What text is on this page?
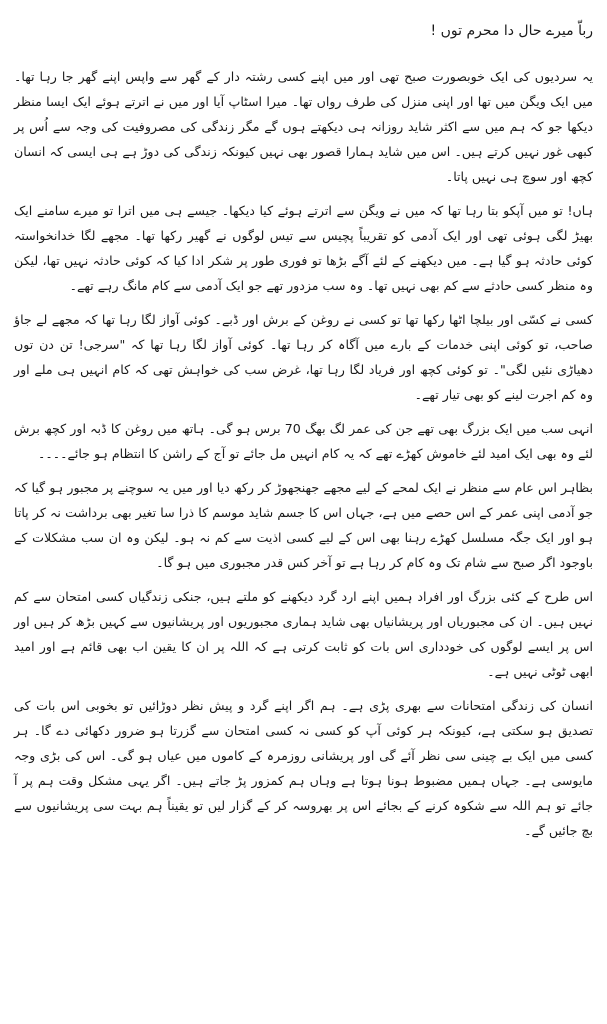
رباّ میرے حال دا محرم توں !

یہ سردیوں کی ایک خوبصورت صبح تھی اور میں اپنے کسی رشتہ دار کے گھر سے واپس اپنے گھر جا رہا تھا۔ میں ایک ویگن میں تھا اور اپنی منزل کی طرف رواں تھا۔ میرا اسٹاپ آیا اور میں نے اترتے ہوئے ایک ایسا منظر دیکھا جو کہ ہم میں سے اکثر شاید روزانہ ہی دیکھتے ہوں گے مگر زندگی کی مصروفیت کی وجہ سے اُس پر کبھی غور نہیں کرتے ہیں۔ اس میں شاید ہمارا قصور بھی نہیں کیونکہ زندگی کی دوڑ ہے ہی ایسی کہ انسان کچھ اور سوچ ہی نہیں پاتا۔

ہاں! تو میں آپکو بتا رہا تھا کہ میں نے ویگن سے اترتے ہوئے کیا دیکھا۔ جیسے ہی میں اترا تو میرے سامنے ایک بھیڑ لگی ہوئی تھی اور ایک آدمی کو تقریباً پچیس سے تیس لوگوں نے گھیر رکھا تھا۔ مجھے لگا خدانخواستہ کوئی حادثہ ہو گیا ہے۔ میں دیکھنے کے لئے آگے بڑھا تو فوری طور پر شکر ادا کیا کہ کوئی حادثہ نہیں تھا، لیکن وہ منظر کسی حادثے سے کم بھی نہیں تھا۔ وہ سب مزدور تھے جو ایک آدمی سے کام مانگ رہے تھے۔

کسی نے کسّی اور بیلچا اٹھا رکھا تھا تو کسی نے روغن کے برش اور ڈبے۔ کوئی آواز لگا رہا تھا کہ مجھے لے جاؤ صاحب، تو کوئی اپنی خدمات کے بارے میں آگاہ کر رہا تھا۔ کوئی آواز لگا رہا تھا کہ "سرجی! تن دن توں دھیاڑی نئیں لگی"۔ تو کوئی کچھ اور فریاد لگا رہا تھا، غرض سب کی خواہش تھی کہ کام انہیں ہی ملے اور وہ کم اجرت لینے کو بھی تیار تھے۔

انہی سب میں ایک بزرگ بھی تھے جن کی عمر لگ بھگ 70 برس ہو گی۔ ہاتھ میں روغن کا ڈبہ اور کچھ برش لئے وہ بھی ایک امید لئے خاموش کھڑے تھے کہ یہ کام انہیں مل جائے تو آج کے راشن کا انتظام ہو جائے۔۔۔۔

بظاہر اس عام سے منظر نے ایک لمحے کے لیے مجھے جھنجھوڑ کر رکھ دیا اور میں یہ سوچنے پر مجبور ہو گیا کہ جو آدمی اپنی عمر کے اس حصے میں ہے، جہاں اس کا جسم شاید موسم کا ذرا سا تغیر بھی برداشت نہ کر پاتا ہو اور ایک جگہ مسلسل کھڑے رہنا بھی اس کے لیے کسی اذیت سے کم نہ ہو۔ لیکن وہ ان سب مشکلات کے باوجود اگر صبح سے شام تک وہ کام کر رہا ہے تو آخر کس قدر مجبوری میں ہو گا۔

اس طرح کے کئی بزرگ اور افراد ہمیں اپنے ارد گرد دیکھنے کو ملتے ہیں، جنکی زندگیاں کسی امتحان سے کم نہیں ہیں۔ ان کی مجبوریاں اور پریشانیاں بھی شاید ہماری مجبوریوں اور پریشانیوں سے کہیں بڑھ کر ہیں اور اس پر ایسے لوگوں کی خودداری اس بات کو ثابت کرتی ہے کہ اللہ پر ان کا یقین اب بھی قائم ہے اور امید ابھی ٹوٹی نہیں ہے۔

انسان کی زندگی امتحانات سے بھری پڑی ہے۔ ہم اگر اپنے گرد و پیش نظر دوڑائیں تو بخوبی اس بات کی تصدیق ہو سکتی ہے، کیونکہ ہر کوئی آپ کو کسی نہ کسی امتحان سے گزرتا ہو ضرور دکھائی دے گا۔ ہر کسی میں ایک بے چینی سی نظر آئے گی اور پریشانی روزمرہ کے کاموں میں عیاں ہو گی۔ اس کی بڑی وجہ مایوسی ہے۔ جہاں ہمیں مضبوط ہونا ہوتا ہے وہاں ہم کمزور پڑ جاتے ہیں۔ اگر یہی مشکل وقت ہم پر آ جائے تو ہم اللہ سے شکوہ کرنے کے بجائے اس پر بھروسہ کر کے گزار لیں تو یقیناً ہم بہت سی پریشانیوں سے بچ جائیں گے۔
